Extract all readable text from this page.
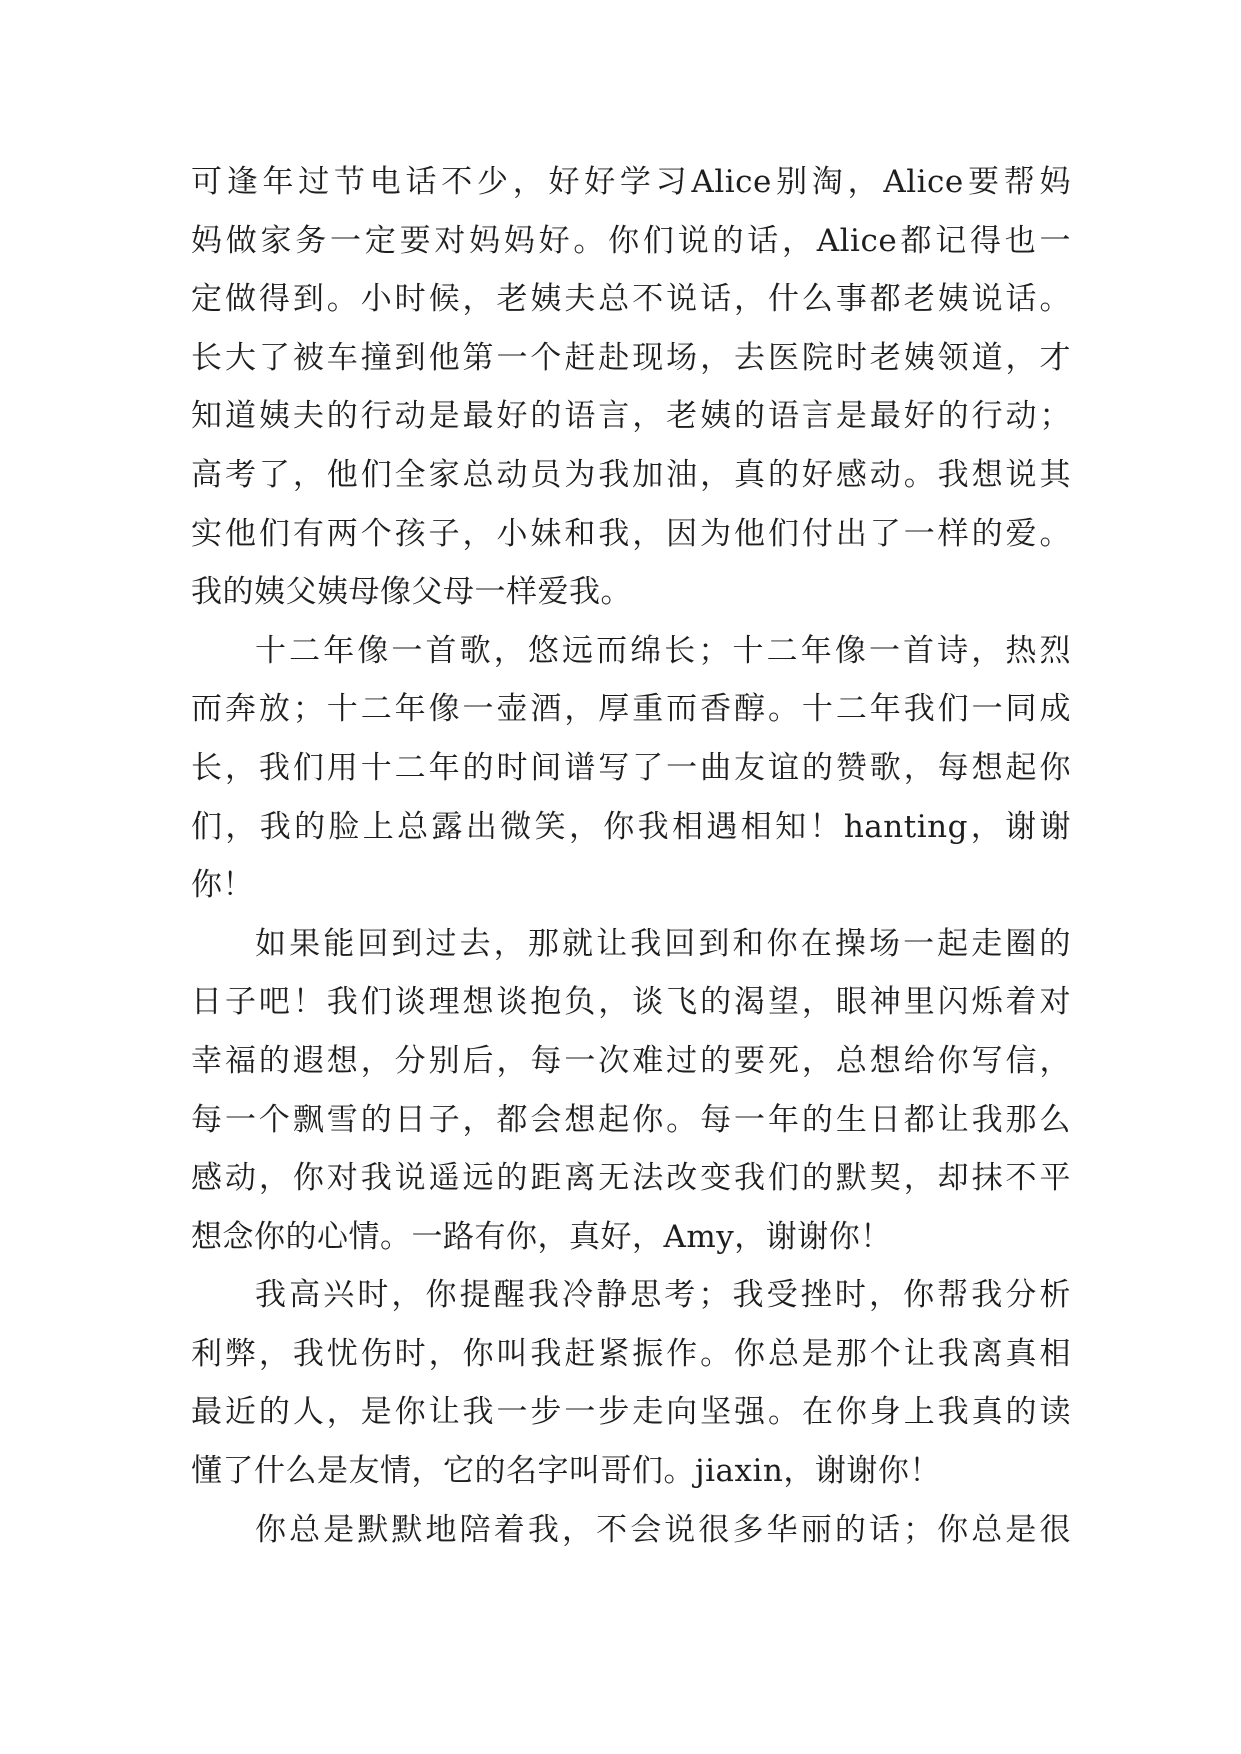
可逢年过节电话不少，好好学习Alice别淘，Alice要帮妈
妈做家务一定要对妈妈好。你们说的话，Alice都记得也一
定做得到。小时候，老姨夫总不说话，什么事都老姨说话。
长大了被车撞到他第一个赶赴现场，去医院时老姨领道，才
知道姨夫的行动是最好的语言，老姨的语言是最好的行动；
高考了，他们全家总动员为我加油，真的好感动。我想说其
实他们有两个孩子，小妹和我，因为他们付出了一样的爱。
我的姨父姨母像父母一样爱我。
十二年像一首歌，悠远而绵长；十二年像一首诗，热烈
而奔放；十二年像一壶酒，厚重而香醇。十二年我们一同成
长，我们用十二年的时间谱写了一曲友谊的赞歌，每想起你
们，我的脸上总露出微笑，你我相遇相知！hanting，谢谢
你！
如果能回到过去，那就让我回到和你在操场一起走圈的
日子吧！我们谈理想谈抱负，谈飞的渴望，眼神里闪烁着对
幸福的遐想，分别后，每一次难过的要死，总想给你写信，
每一个飘雪的日子，都会想起你。每一年的生日都让我那么
感动，你对我说遥远的距离无法改变我们的默契，却抹不平
想念你的心情。一路有你，真好，Amy，谢谢你！
我高兴时，你提醒我冷静思考；我受挫时，你帮我分析
利弊，我忧伤时，你叫我赶紧振作。你总是那个让我离真相
最近的人，是你让我一步一步走向坚强。在你身上我真的读
懂了什么是友情，它的名字叫哥们。jiaxin，谢谢你！
你总是默默地陪着我，不会说很多华丽的话；你总是很
